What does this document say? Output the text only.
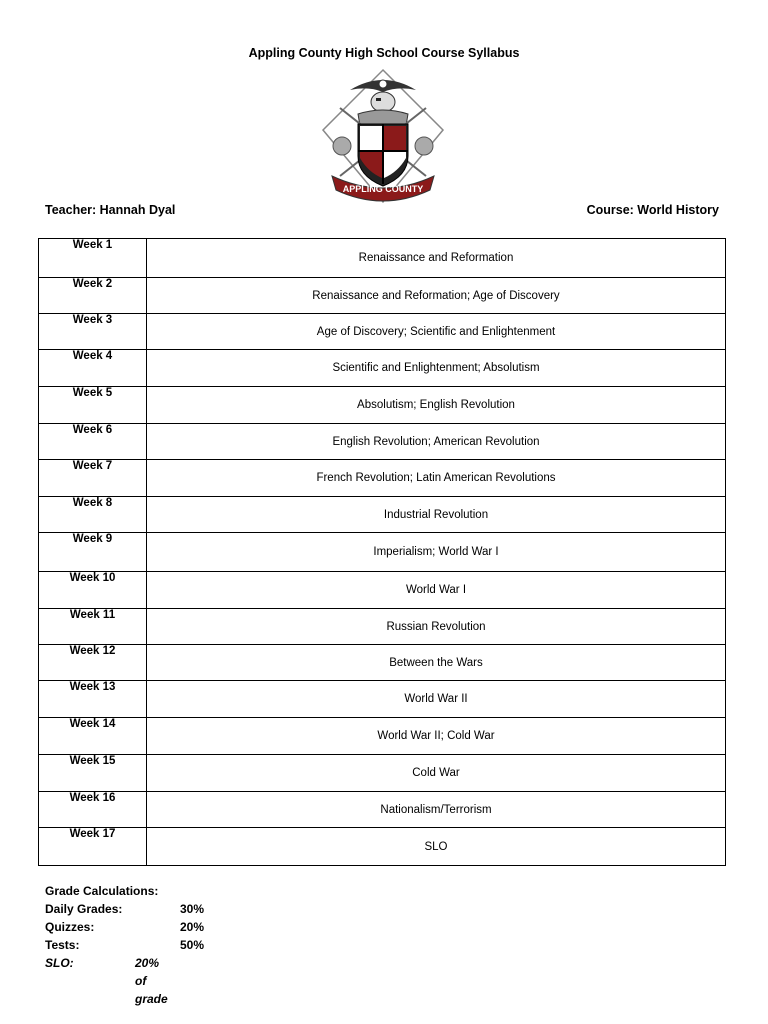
Appling County High School Course Syllabus
APPLING COUNTY
Teacher: Hannah Dyal	Course: World History
Week 1	Renaissance and Reformation
Week 2	Renaissance and Reformation; Age of Discovery
Week 3	Age of Discovery; Scientific and Enlightenment
Week 4	Scientific and Enlightenment; Absolutism
Week 5	Absolutism; English Revolution
Week 6	English Revolution; American Revolution
Week 7	French Revolution; Latin American Revolutions
Week 8	Industrial Revolution
Week 9	Imperialism; World War I
Week 10	World War I
Week 11	Russian Revolution
Week 12	Between the Wars
Week 13	World War II
Week 14	World War II; Cold War
Week 15	Cold War
Week 16	Nationalism/Terrorism
Week 17	SLO
Grade Calculations:
Daily Grades:	30%
Quizzes:	20%
Tests:	50%
SLO:	20% of grade
